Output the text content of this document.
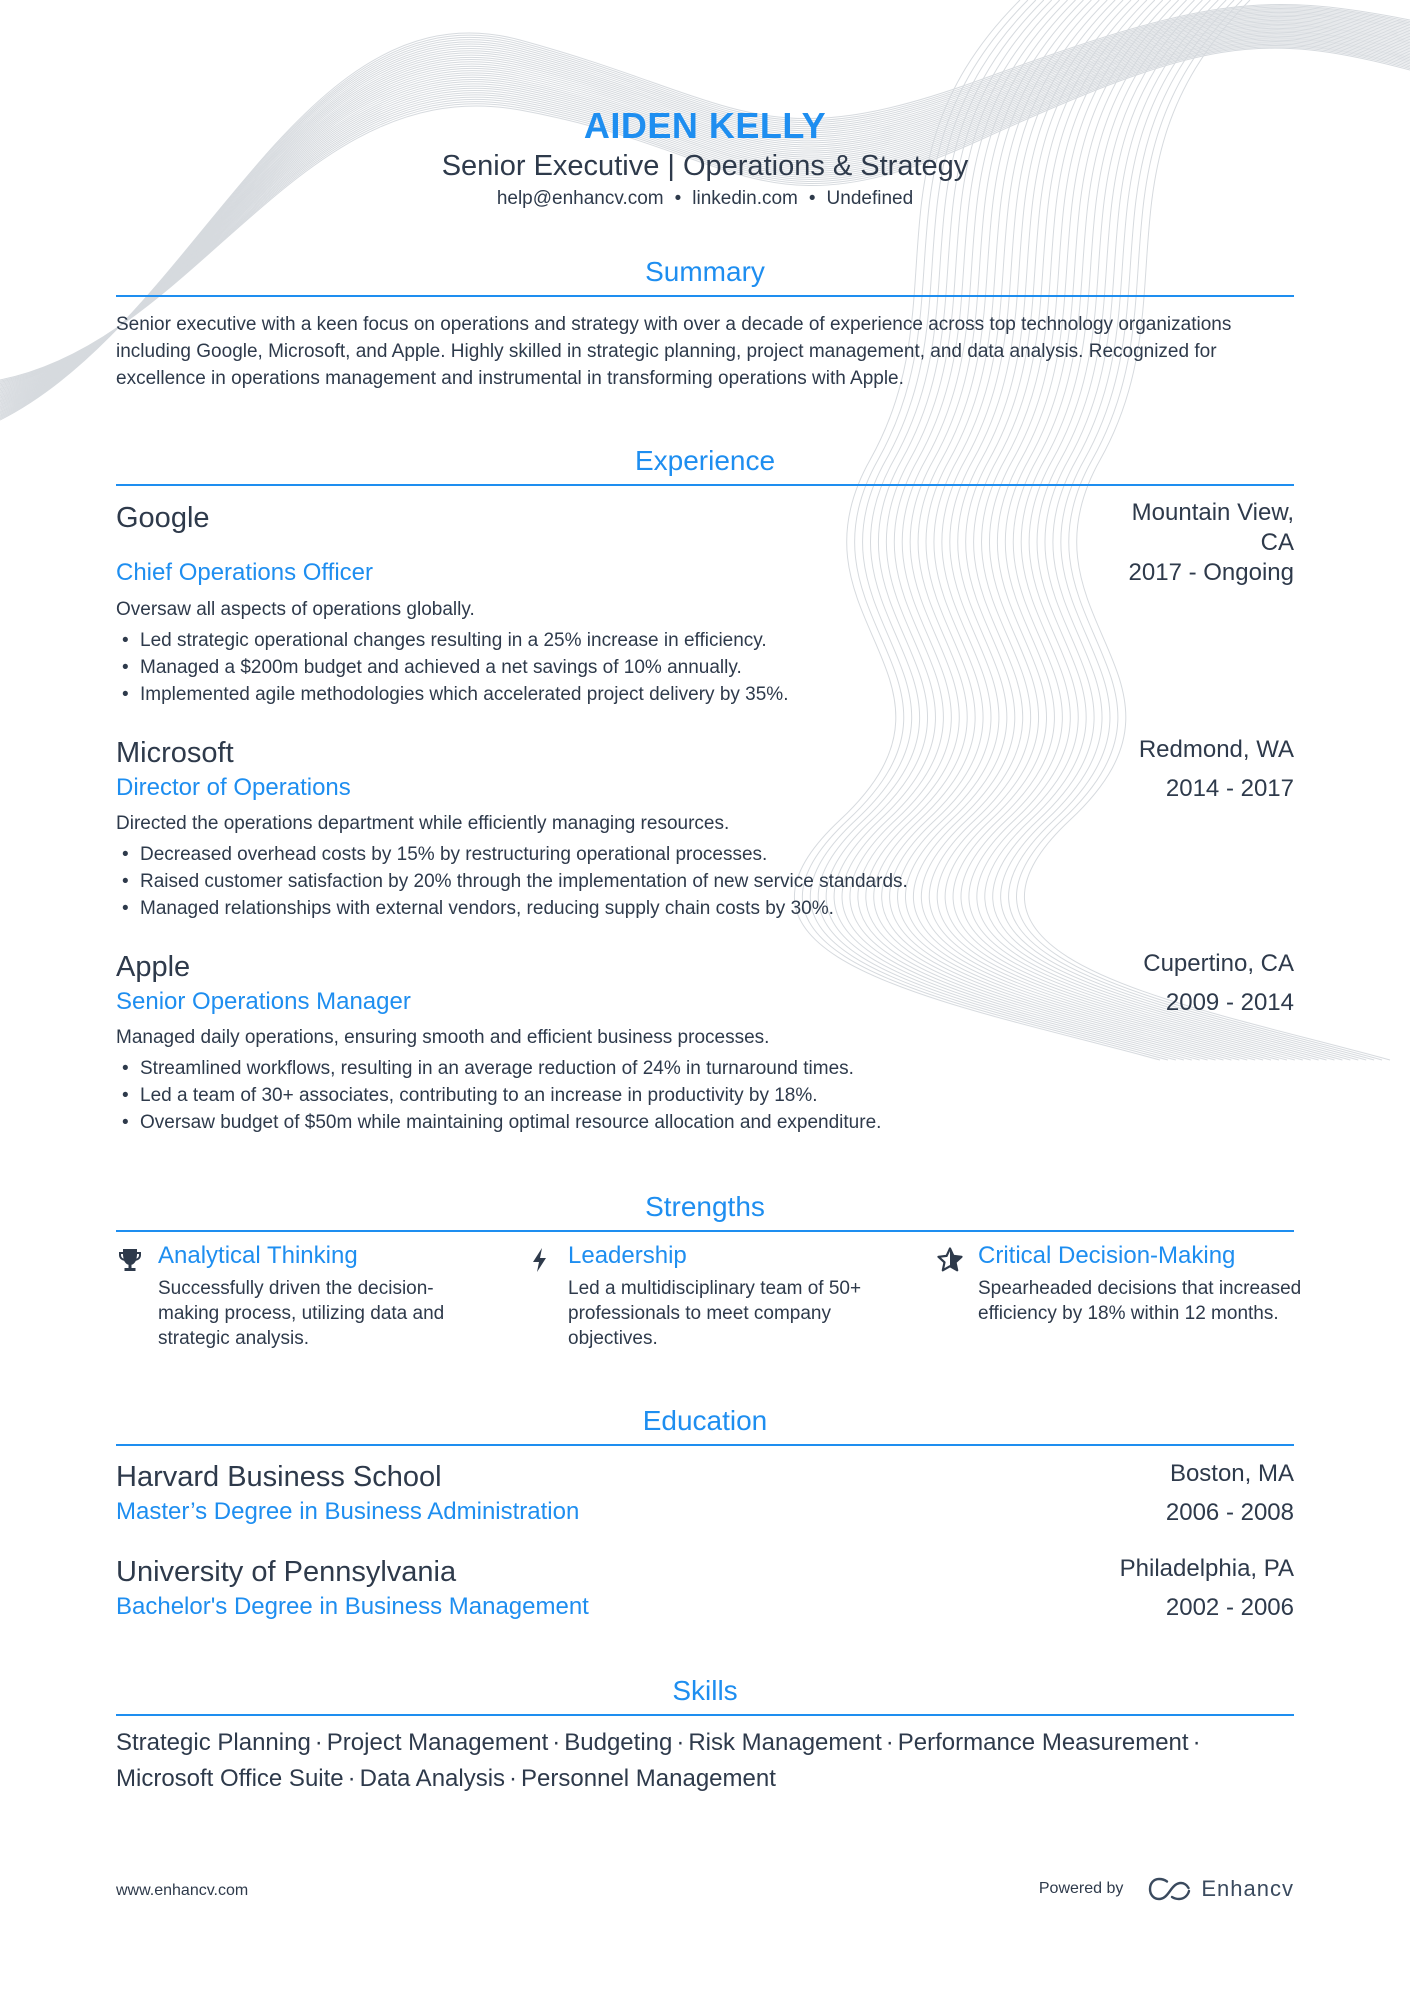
AIDEN KELLY
Senior Executive | Operations & Strategy
help@enhancv.com • linkedin.com • Undefined
Summary
Senior executive with a keen focus on operations and strategy with over a decade of experience across top technology organizations including Google, Microsoft, and Apple. Highly skilled in strategic planning, project management, and data analysis. Recognized for excellence in operations management and instrumental in transforming operations with Apple.
Experience
Google	Mountain View,
CA
2017 - Ongoing
Chief Operations Officer
Oversaw all aspects of operations globally.
• Led strategic operational changes resulting in a 25% increase in efficiency.
• Managed a $200m budget and achieved a net savings of 10% annually.
• Implemented agile methodologies which accelerated project delivery by 35%.
Microsoft	Redmond, WA
2014 - 2017
Director of Operations
Directed the operations department while efficiently managing resources.
• Decreased overhead costs by 15% by restructuring operational processes.
• Raised customer satisfaction by 20% through the implementation of new service standards.
• Managed relationships with external vendors, reducing supply chain costs by 30%.
Apple	Cupertino, CA
2009 - 2014
Senior Operations Manager
Managed daily operations, ensuring smooth and efficient business processes.
• Streamlined workflows, resulting in an average reduction of 24% in turnaround times.
• Led a team of 30+ associates, contributing to an increase in productivity by 18%.
• Oversaw budget of $50m while maintaining optimal resource allocation and expenditure.
Strengths
Analytical Thinking
Successfully driven the decision-making process, utilizing data and strategic analysis.
Leadership
Led a multidisciplinary team of 50+ professionals to meet company objectives.
Critical Decision-Making
Spearheaded decisions that increased efficiency by 18% within 12 months.
Education
Harvard Business School	Boston, MA
2006 - 2008
Master’s Degree in Business Administration
University of Pennsylvania	Philadelphia, PA
2002 - 2006
Bachelor's Degree in Business Management
Skills
Strategic Planning · Project Management · Budgeting · Risk Management · Performance Measurement ·
Microsoft Office Suite · Data Analysis · Personnel Management
www.enhancv.com	Powered by	Enhancv
